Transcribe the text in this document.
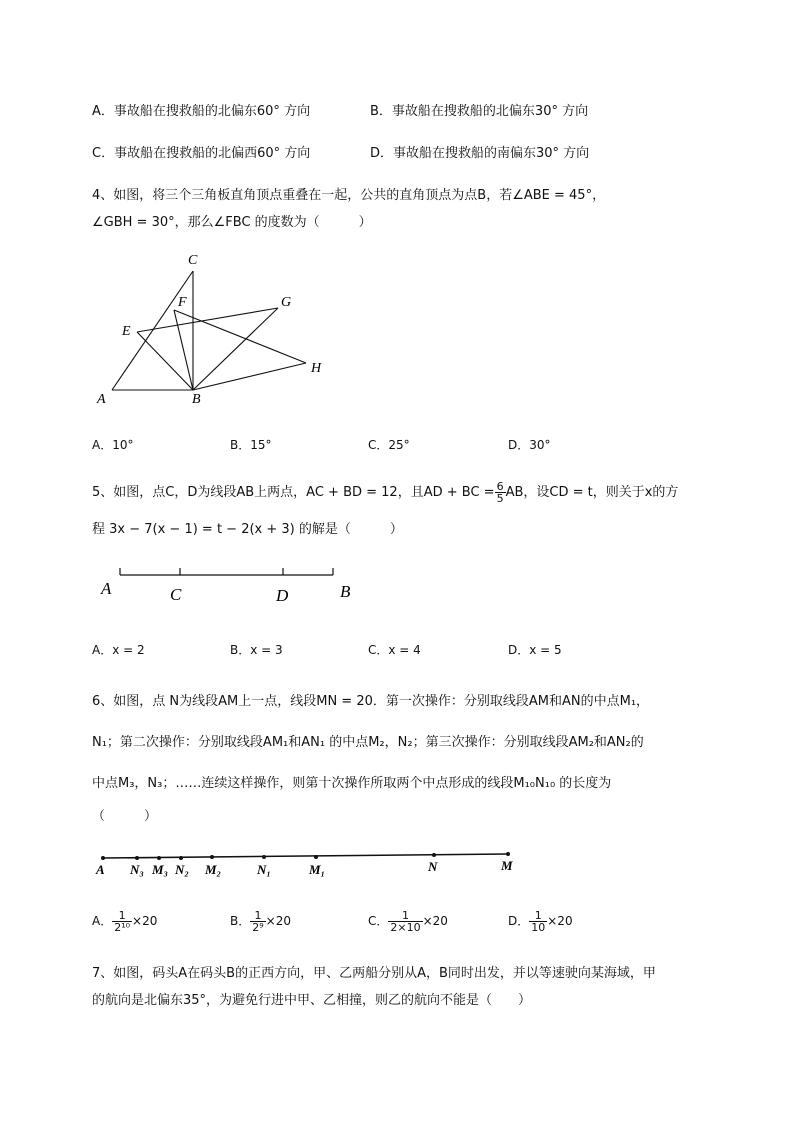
A．事故船在搜救船的北偏东60° 方向	B．事故船在搜救船的北偏东30° 方向
C．事故船在搜救船的北偏西60° 方向	D．事故船在搜救船的南偏东30° 方向
4、如图，将三个三角板直角顶点重叠在一起，公共的直角顶点为点B，若∠ABE = 45°，
∠GBH = 30°，那么∠FBC 的度数为（　　　）
C
F	G
E
H
A	B
A．10°	B．15°	C．25°	D．30°
5、如图，点C，D为线段AB上两点，AC + BD = 12，且AD + BC = $\frac{6}{5}$ AB，设CD = t，则关于x的方
程 3x − 7(x − 1) = t − 2(x + 3) 的解是（　　　）
A	C	D	B
A．x = 2	B．x = 3	C．x = 4	D．x = 5
6、如图，点 N为线段AM上一点，线段MN = 20．第一次操作：分别取线段AM和AN的中点M₁，
N₁；第二次操作：分别取线段AM₁和AN₁ 的中点M₂，N₂；第三次操作：分别取线段AM₂和AN₂的
中点M₃，N₃；……连续这样操作，则第十次操作所取两个中点形成的线段M₁₀N₁₀ 的长度为
（　　　）
A N₃ M₃ N₂ M₂	N₁	M₁	N	M
A． $\frac{1}{\text{2¹⁰}} \times 20$	B． $\frac{1}{\text{2⁹}} \times 20$	C． $\frac{1}{2\times 10} \times 20$	D． $\frac{1}{10} \times 20$
7、如图，码头A在码头B的正西方向，甲、乙两船分别从A，B同时出发，并以等速驶向某海域，甲
的航向是北偏东35°，为避免行进中甲、乙相撞，则乙的航向不能是（　　）
